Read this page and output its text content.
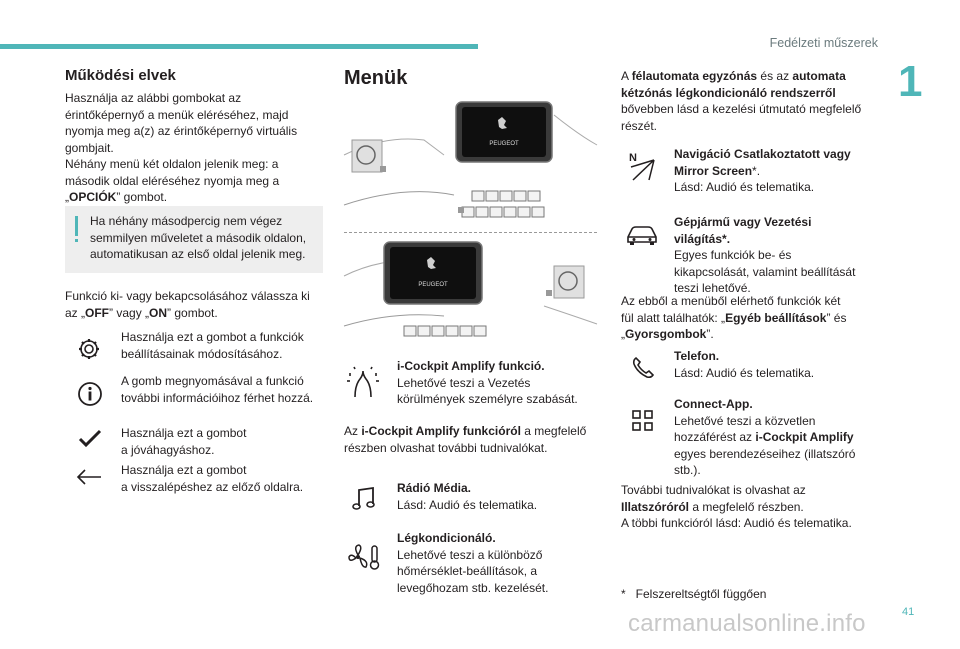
Fedélzeti műszerek
1
41
carmanualsonline.info
Működési elvek

Használja az alábbi gombokat az

érintőképernyő a menük eléréséhez, majd

nyomja meg a(z) az érintőképernyő virtuális

gombjait.

Néhány menü két oldalon jelenik meg: a

második oldal eléréséhez nyomja meg a

„OPCIÓK” gombot.

Ha néhány másodpercig nem végez

semmilyen műveletet a második oldalon,

automatikusan az első oldal jelenik meg.

Funkció ki- vagy bekapcsolásához válassza ki

az „OFF” vagy „ON” gombot.

Használja ezt a gombot a funkciók

beállításainak módosításához.

A gomb megnyomásával a funkció

további információihoz férhet hozzá.

Használja ezt a gombot

a jóváhagyáshoz.

Használja ezt a gombot

a visszalépéshez az előző oldalra.

Menük
PEUGEOT
PEUGEOT

i-Cockpit Amplify funkció.

Lehetővé teszi a Vezetés

körülmények személyre szabását.

Az i-Cockpit Amplify funkcióról a megfelelő

részben olvashat további tudnivalókat.

Rádió Média.

Lásd: Audió és telematika.

Légkondicionáló.

Lehetővé teszi a különböző

hőmérséklet-beállítások, a

levegőhozam stb. kezelését.

A félautomata egyzónás és az automata

kétzónás légkondicionáló rendszerről

bővebben lásd a kezelési útmutató megfelelő

részét.

N	Navigáció Csatlakoztatott vagy

Mirror Screen*.

Lásd: Audió és telematika.

Gépjármű vagy Vezetési

világítás*.

Egyes funkciók be- és

kikapcsolását, valamint beállítását

teszi lehetővé.

Az ebből a menüből elérhető funkciók két

fül alatt találhatók: „Egyéb beállítások” és

„Gyorsgombok”.

Telefon.

Lásd: Audió és telematika.

Connect-App.

Lehetővé teszi a közvetlen

hozzáférést az i-Cockpit Amplify

egyes berendezéseihez (illatszóró

stb.).

További tudnivalókat is olvashat az

Illatszóróról a megfelelő részben.

A többi funkcióról lásd: Audió és telematika.

* Felszereltségtől függően
